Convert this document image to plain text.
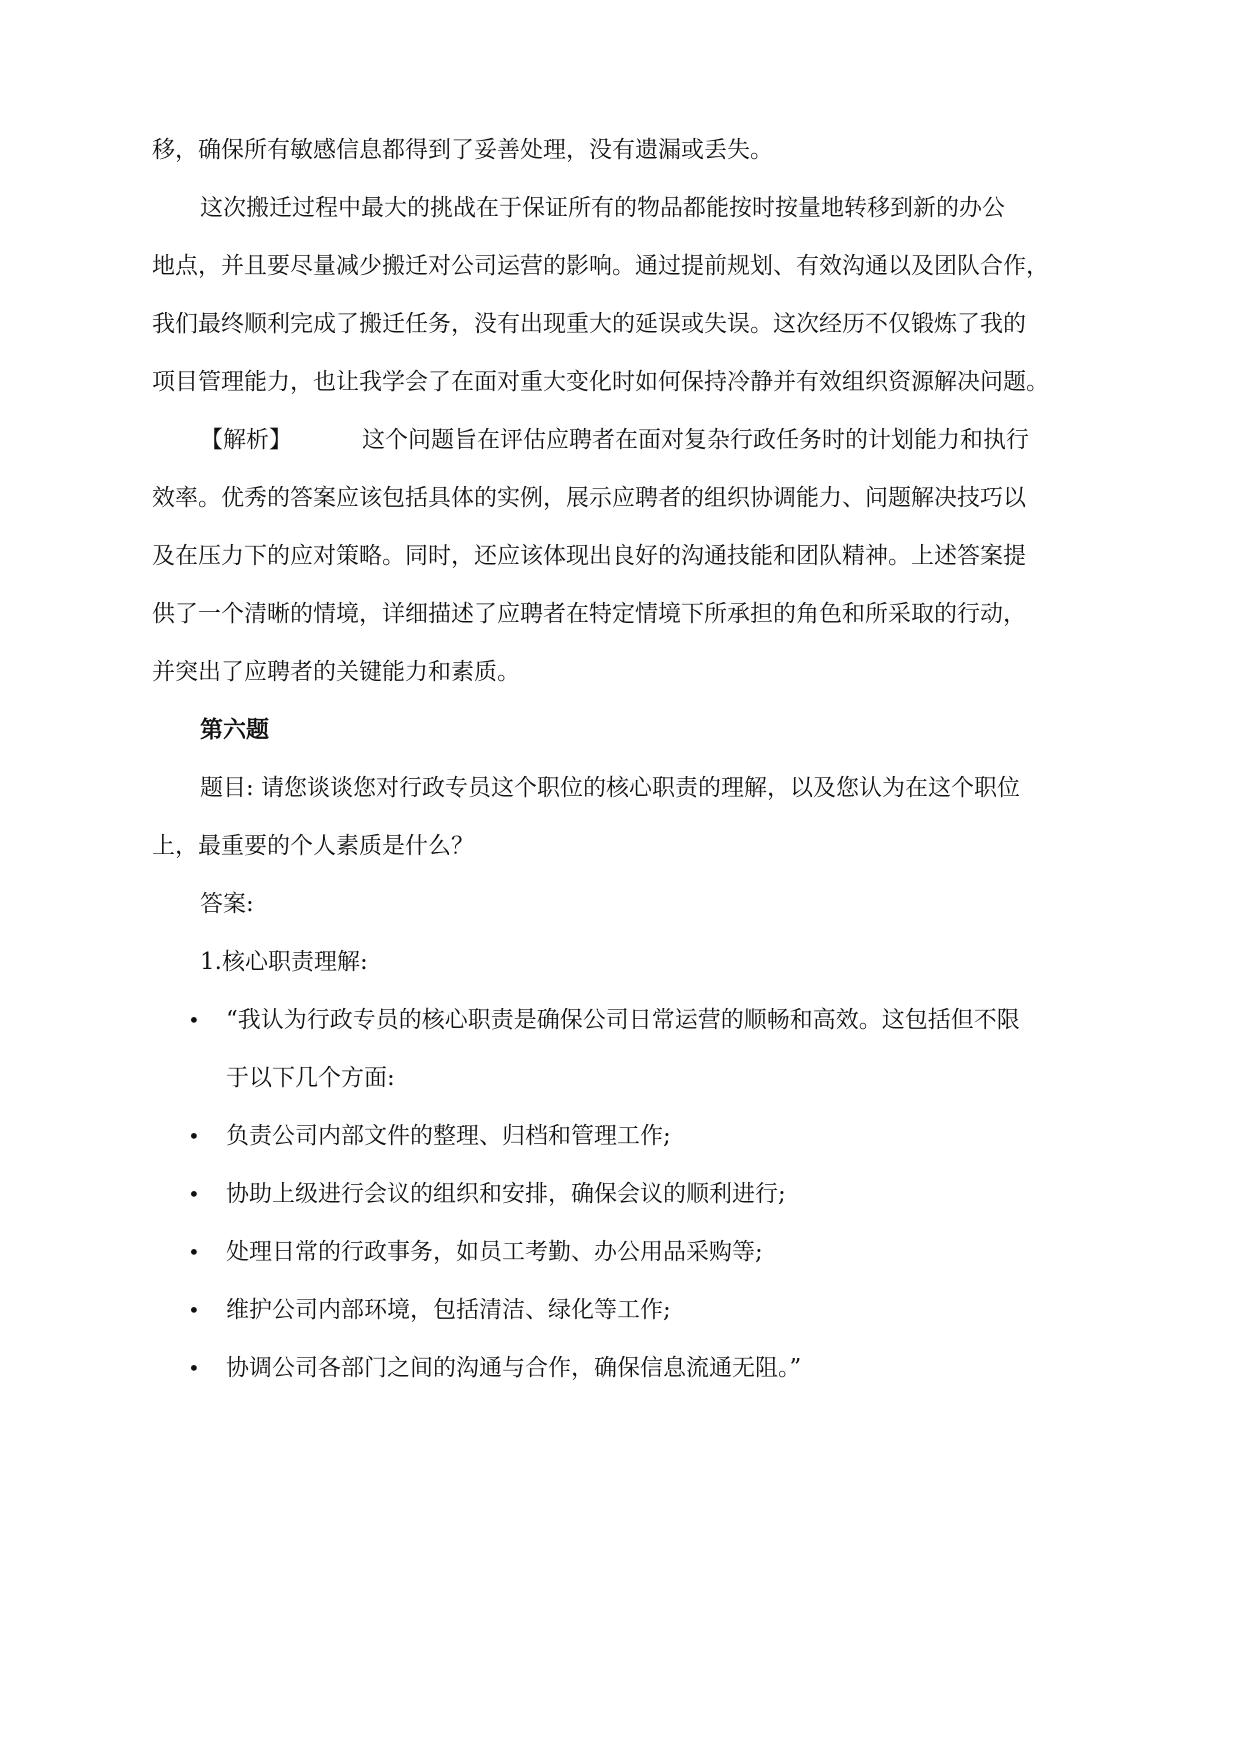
移，确保所有敏感信息都得到了妥善处理，没有遗漏或丢失。
这次搬迁过程中最大的挑战在于保证所有的物品都能按时按量地转移到新的办公
地点，并且要尽量减少搬迁对公司运营的影响。通过提前规划、有效沟通以及团队合作，
我们最终顺利完成了搬迁任务，没有出现重大的延误或失误。这次经历不仅锻炼了我的
项目管理能力，也让我学会了在面对重大变化时如何保持冷静并有效组织资源解决问题。
【解析】	这个问题旨在评估应聘者在面对复杂行政任务时的计划能力和执行
效率。优秀的答案应该包括具体的实例，展示应聘者的组织协调能力、问题解决技巧以
及在压力下的应对策略。同时，还应该体现出良好的沟通技能和团队精神。上述答案提
供了一个清晰的情境，详细描述了应聘者在特定情境下所承担的角色和所采取的行动，
并突出了应聘者的关键能力和素质。
第六题
题目: 请您谈谈您对行政专员这个职位的核心职责的理解，以及您认为在这个职位
上，最重要的个人素质是什么？
答案:
1.核心职责理解:
• “我认为行政专员的核心职责是确保公司日常运营的顺畅和高效。这包括但不限
于以下几个方面:
• 负责公司内部文件的整理、归档和管理工作;
• 协助上级进行会议的组织和安排，确保会议的顺利进行;
• 处理日常的行政事务，如员工考勤、办公用品采购等;
• 维护公司内部环境，包括清洁、绿化等工作;
• 协调公司各部门之间的沟通与合作，确保信息流通无阻。”
